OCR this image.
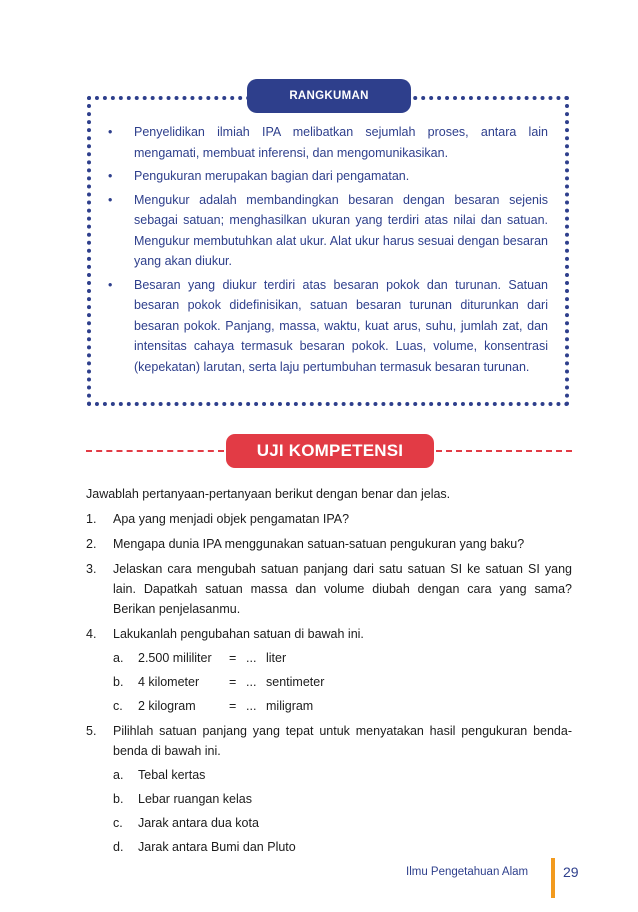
RANGKUMAN
• Penyelidikan ilmiah IPA melibatkan sejumlah proses, antara lain mengamati, membuat inferensi, dan mengomunikasikan.
• Pengukuran merupakan bagian dari pengamatan.
• Mengukur adalah membandingkan besaran dengan besaran sejenis sebagai satuan; menghasilkan ukuran yang terdiri atas nilai dan satuan. Mengukur membutuhkan alat ukur. Alat ukur harus sesuai dengan besaran yang akan diukur.
• Besaran yang diukur terdiri atas besaran pokok dan turunan. Satuan besaran pokok didefinisikan, satuan besaran turunan diturunkan dari besaran pokok. Panjang, massa, waktu, kuat arus, suhu, jumlah zat, dan intensitas cahaya termasuk besaran pokok. Luas, volume, konsentrasi (kepekatan) larutan, serta laju pertumbuhan termasuk besaran turunan.
UJI KOMPETENSI

Jawablah pertanyaan-pertanyaan berikut dengan benar dan jelas.

1. Apa yang menjadi objek pengamatan IPA?
2. Mengapa dunia IPA menggunakan satuan-satuan pengukuran yang baku?
3. Jelaskan cara mengubah satuan panjang dari satu satuan SI ke satuan SI yang lain. Dapatkah satuan massa dan volume diubah dengan cara yang sama? Berikan penjelasanmu.
4. Lakukanlah pengubahan satuan di bawah ini.
a. 2.500 mililiter = ... liter
b. 4 kilometer = ... sentimeter
c. 2 kilogram	= ... miligram
5. Pilihlah satuan panjang yang tepat untuk menyatakan hasil pengukuran benda-benda di bawah ini.
a. Tebal kertas
b. Lebar ruangan kelas
c. Jarak antara dua kota
d. Jarak antara Bumi dan Pluto
Ilmu Pengetahuan Alam 29
